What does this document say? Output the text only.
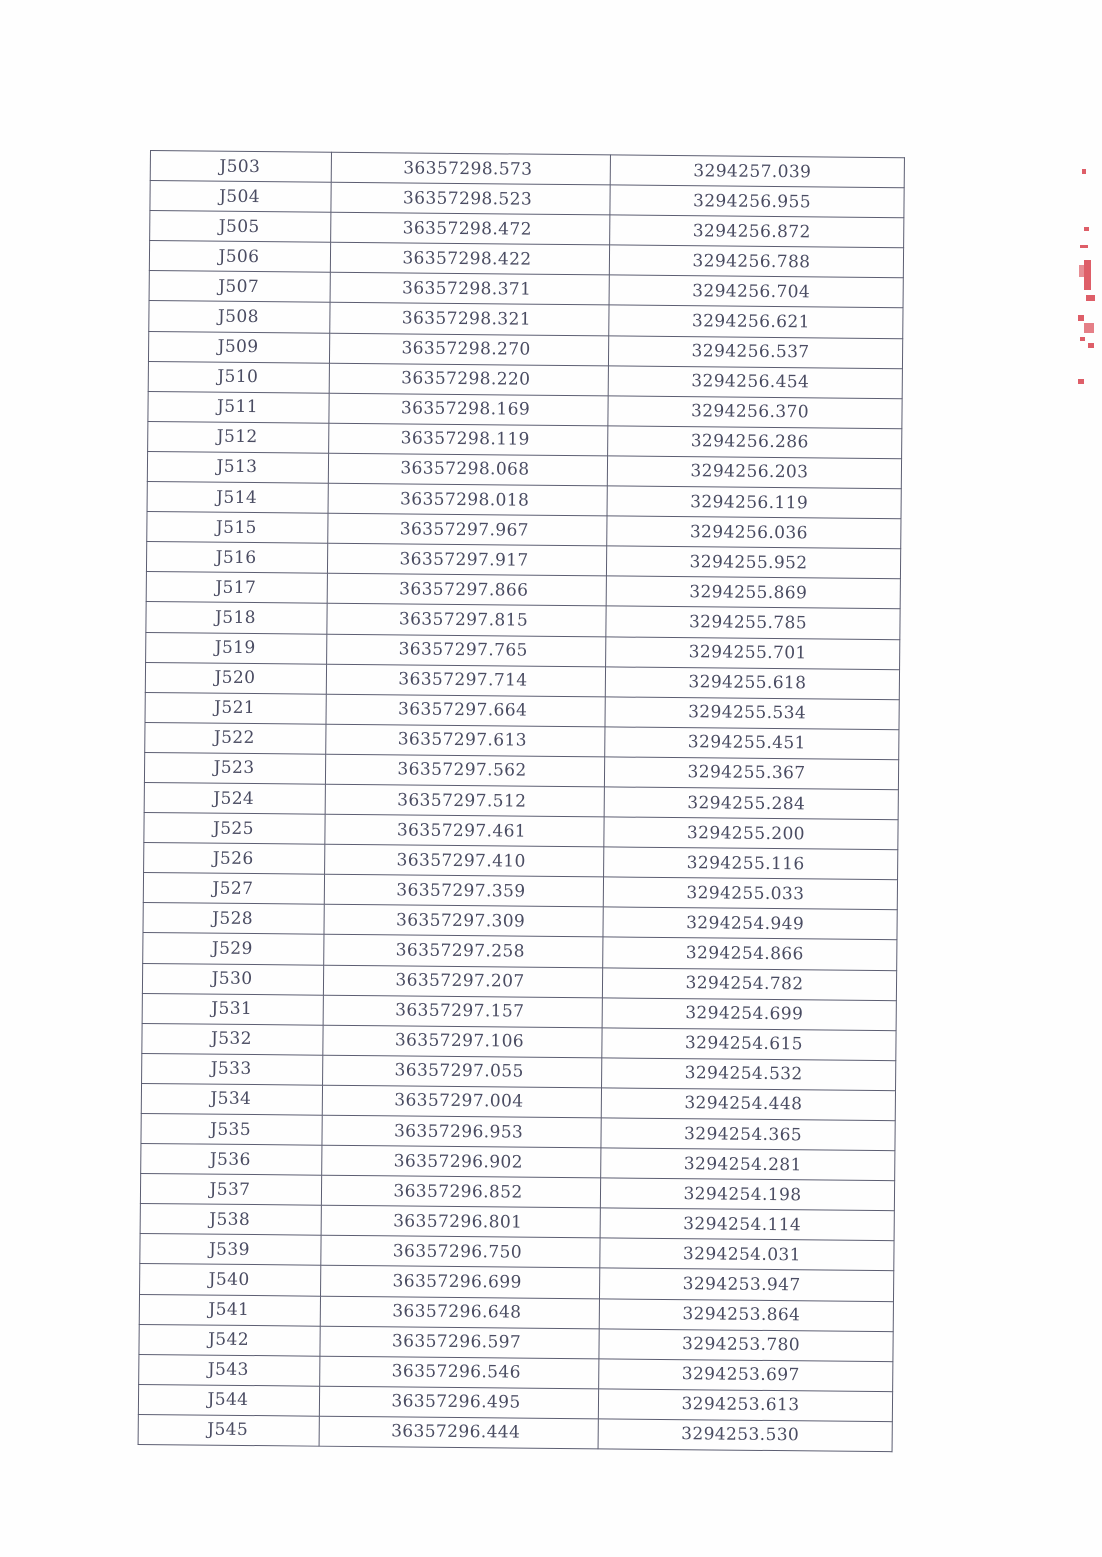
J503	36357298.573	3294257.039
J504	36357298.523	3294256.955
J505	36357298.472	3294256.872
J506	36357298.422	3294256.788
J507	36357298.371	3294256.704
J508	36357298.321	3294256.621
J509	36357298.270	3294256.537
J510	36357298.220	3294256.454
J511	36357298.169	3294256.370
J512	36357298.119	3294256.286
J513	36357298.068	3294256.203
J514	36357298.018	3294256.119
J515	36357297.967	3294256.036
J516	36357297.917	3294255.952
J517	36357297.866	3294255.869
J518	36357297.815	3294255.785
J519	36357297.765	3294255.701
J520	36357297.714	3294255.618
J521	36357297.664	3294255.534
J522	36357297.613	3294255.451
J523	36357297.562	3294255.367
J524	36357297.512	3294255.284
J525	36357297.461	3294255.200
J526	36357297.410	3294255.116
J527	36357297.359	3294255.033
J528	36357297.309	3294254.949
J529	36357297.258	3294254.866
J530	36357297.207	3294254.782
J531	36357297.157	3294254.699
J532	36357297.106	3294254.615
J533	36357297.055	3294254.532
J534	36357297.004	3294254.448
J535	36357296.953	3294254.365
J536	36357296.902	3294254.281
J537	36357296.852	3294254.198
J538	36357296.801	3294254.114
J539	36357296.750	3294254.031
J540	36357296.699	3294253.947
J541	36357296.648	3294253.864
J542	36357296.597	3294253.780
J543	36357296.546	3294253.697
J544	36357296.495	3294253.613
J545	36357296.444	3294253.530
